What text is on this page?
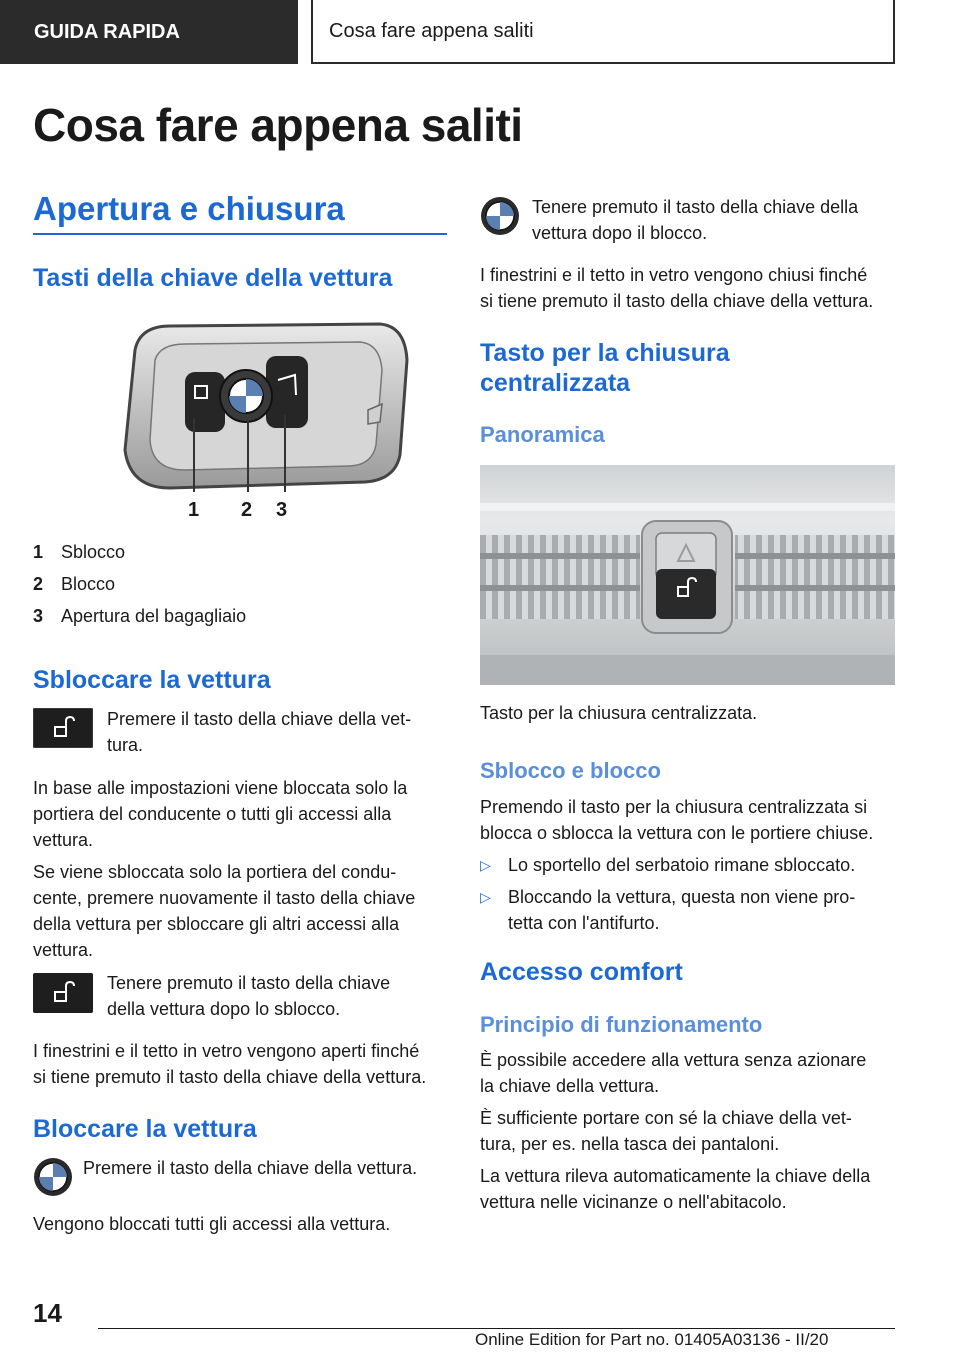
GUIDA RAPIDA	Cosa fare appena saliti
Cosa fare appena saliti
Apertura e chiusura
Tasti della chiave della vettura
1 2 3
1 Sblocco
2 Blocco
3 Apertura del bagagliaio
Sbloccare la vettura

Premere il tasto della chiave della vet-

tura.

In base alle impostazioni viene bloccata solo la

portiera del conducente o tutti gli accessi alla

vettura.

Se viene sbloccata solo la portiera del condu-

cente, premere nuovamente il tasto della chiave

della vettura per sbloccare gli altri accessi alla

vettura.

Tenere premuto il tasto della chiave

della vettura dopo lo sblocco.

I finestrini e il tetto in vetro vengono aperti finché

si tiene premuto il tasto della chiave della vettura.

Bloccare la vettura

Premere il tasto della chiave della vettura.

Vengono bloccati tutti gli accessi alla vettura.

Tenere premuto il tasto della chiave della

vettura dopo il blocco.

I finestrini e il tetto in vetro vengono chiusi finché

si tiene premuto il tasto della chiave della vettura.

Tasto per la chiusura
centralizzata
Panoramica

Tasto per la chiusura centralizzata.

Sblocco e blocco

Premendo il tasto per la chiusura centralizzata si

blocca o sblocca la vettura con le portiere chiuse.

▷ Lo sportello del serbatoio rimane sbloccato.
▷ Bloccando la vettura, questa non viene pro-
tetta con l'antifurto.
Accesso comfort
Principio di funzionamento

È possibile accedere alla vettura senza azionare

la chiave della vettura.

È sufficiente portare con sé la chiave della vet-

tura, per es. nella tasca dei pantaloni.

La vettura rileva automaticamente la chiave della

vettura nelle vicinanze o nell'abitacolo.

14
Online Edition for Part no. 01405A03136 - II/20
